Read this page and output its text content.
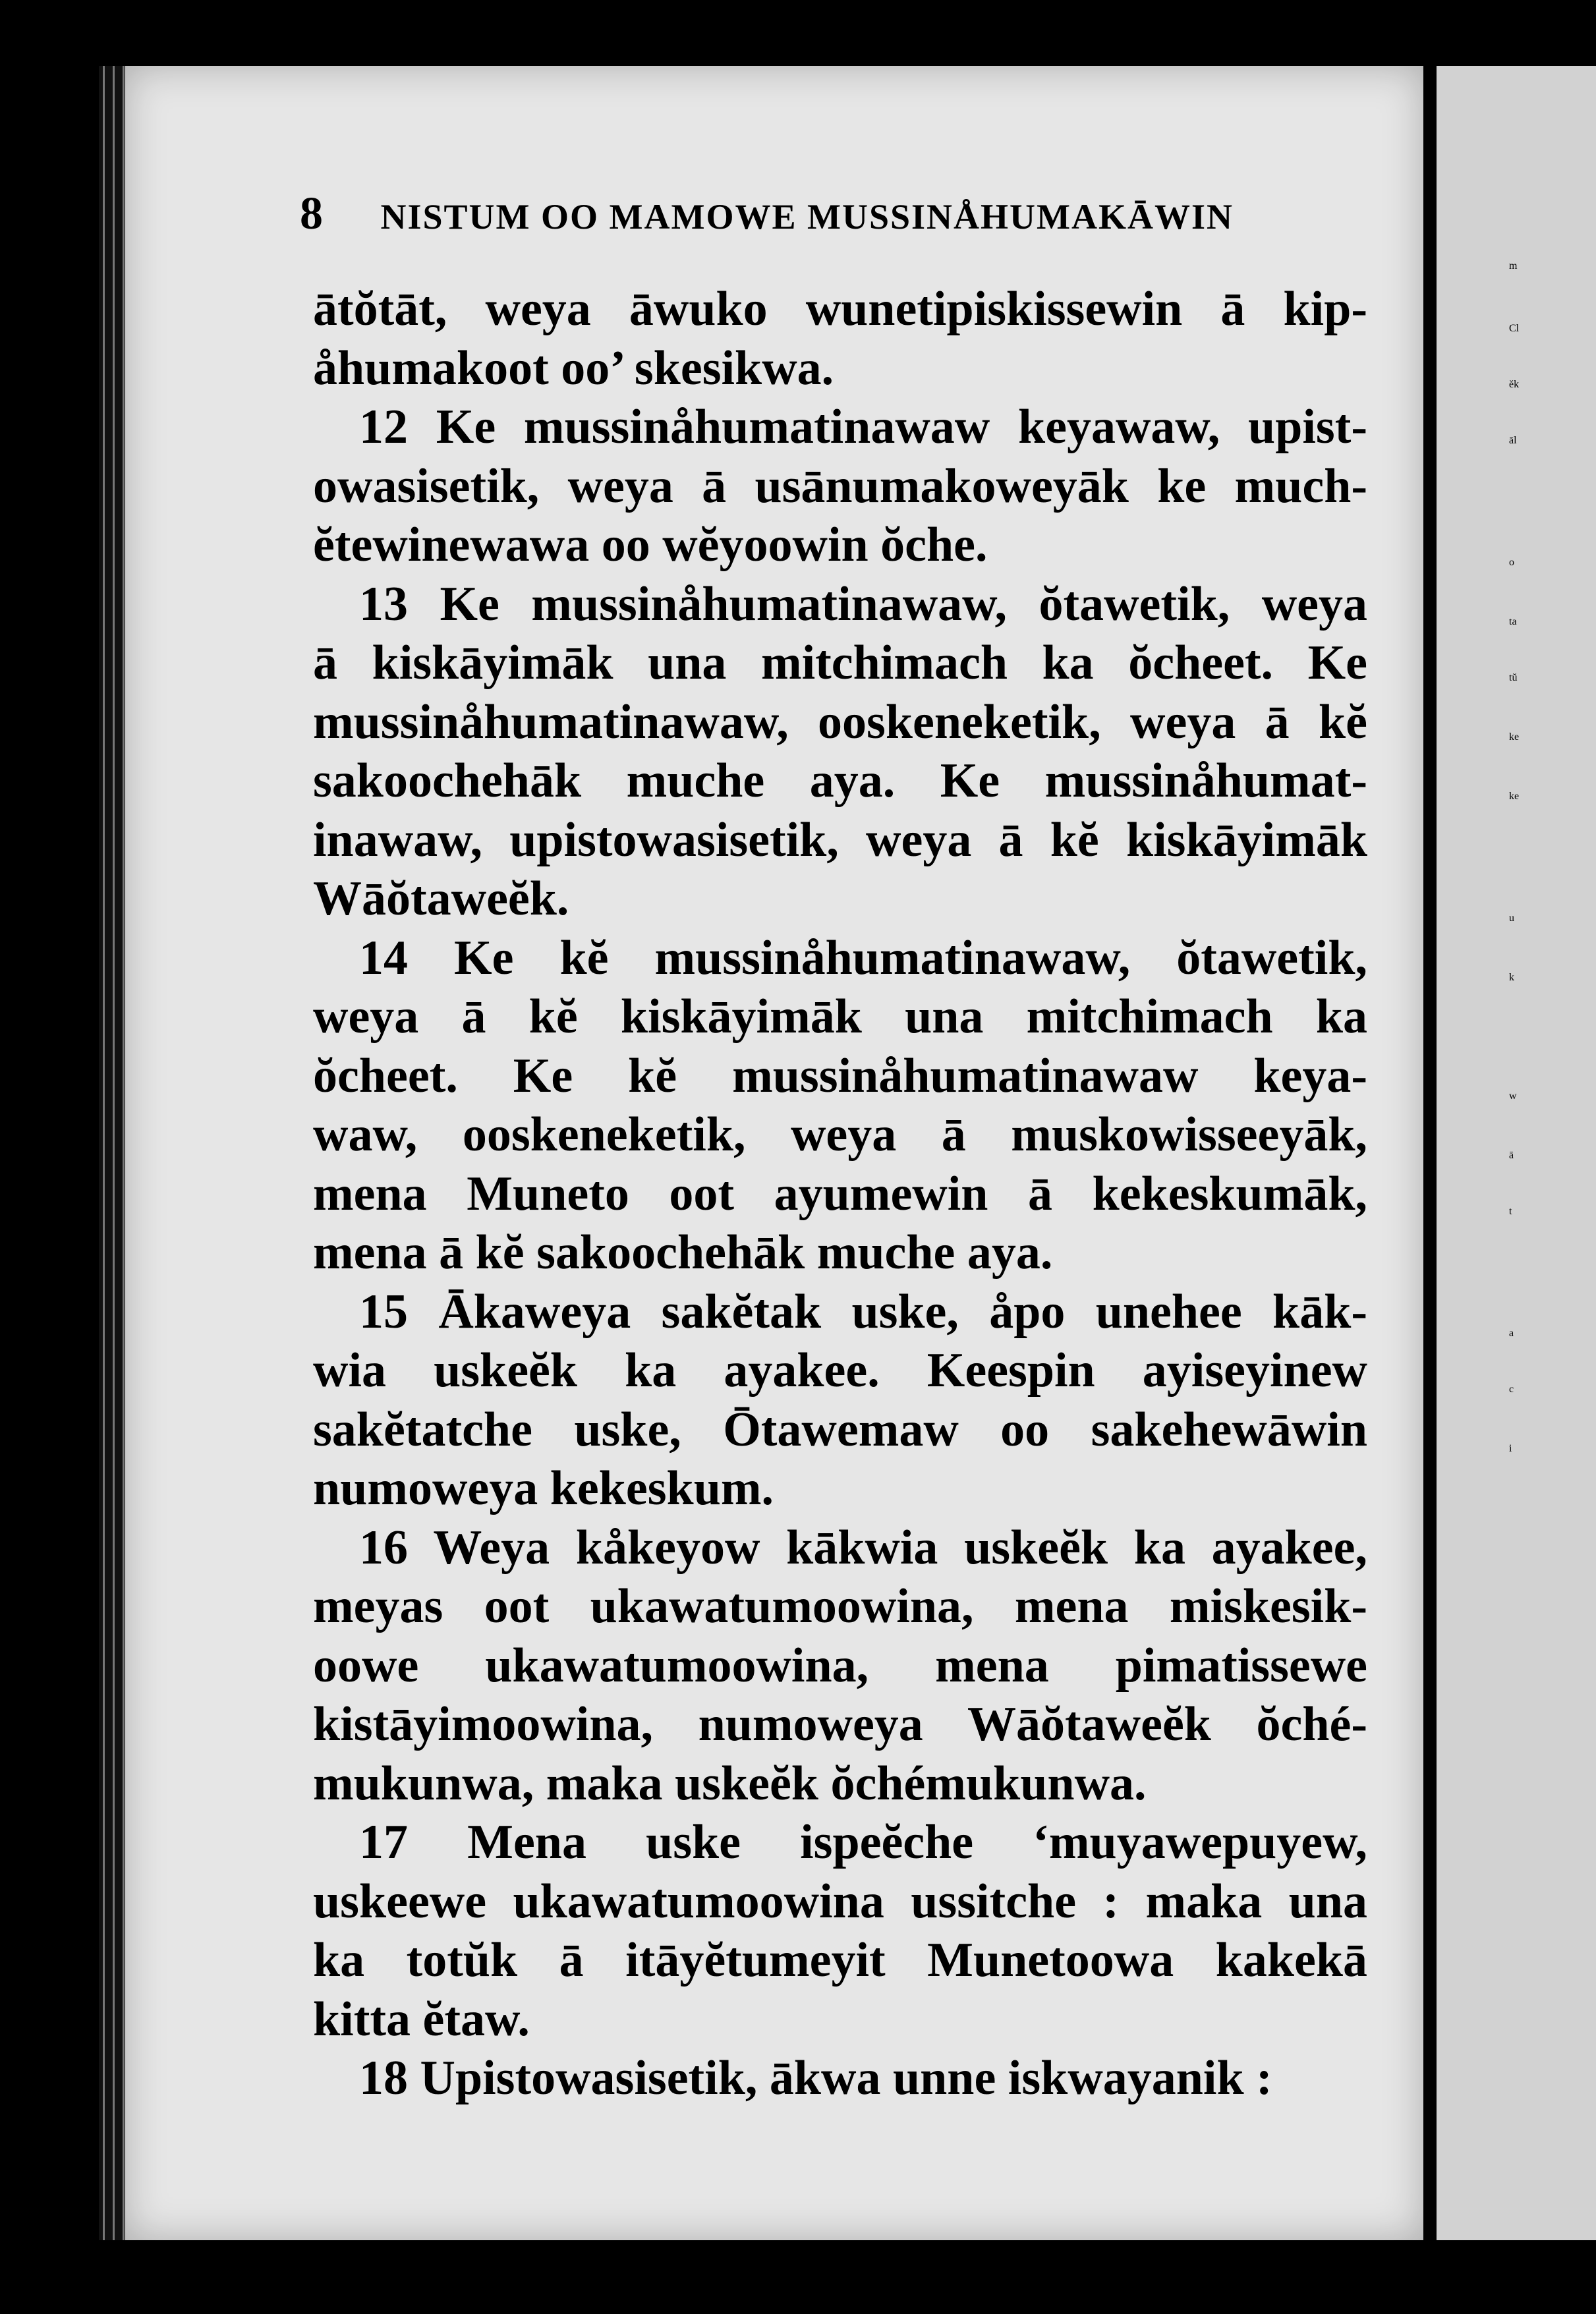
m
Cl
ĕk
āl
o
ta
tŭ
ke
ke
u
k
w
ā
t
a
c
i
8 NISTUM OO MAMOWE MUSSINÅHUMAKĀWIN
ātŏtāt, weya āwuko wunetipiskissewin ā kip-
åhumakoot oo’ skesikwa.
12 Ke mussinåhumatinawaw keyawaw, upist-
owasisetik, weya ā usānumakoweyāk ke much-
ĕtewinewawa oo wĕyoowin ŏche.
13 Ke mussinåhumatinawaw, ŏtawetik, weya
ā kiskāyimāk una mitchimach ka ŏcheet. Ke
mussinåhumatinawaw, ooskeneketik, weya ā kĕ
sakoochehāk muche aya. Ke mussinåhumat-
inawaw, upistowasisetik, weya ā kĕ kiskāyimāk
Wāŏtaweĕk.
14 Ke kĕ mussinåhumatinawaw, ŏtawetik,
weya ā kĕ kiskāyimāk una mitchimach ka
ŏcheet. Ke kĕ mussinåhumatinawaw keya-
waw, ooskeneketik, weya ā muskowisseeyāk,
mena Muneto oot ayumewin ā kekeskumāk,
mena ā kĕ sakoochehāk muche aya.
15 Ākaweya sakĕtak uske, åpo unehee kāk-
wia uskeĕk ka ayakee. Keespin ayiseyinew
sakĕtatche uske, Ōtawemaw oo sakehewāwin
numoweya kekeskum.
16 Weya kåkeyow kākwia uskeĕk ka ayakee,
meyas oot ukawatumoowina, mena miskesik-
oowe ukawatumoowina, mena pimatissewe
kistāyimoowina, numoweya Wāŏtaweĕk ŏché-
mukunwa, maka uskeĕk ŏchémukunwa.
17 Mena uske ispeĕche ‘muyawepuyew,
uskeewe ukawatumoowina ussitche : maka una
ka totŭk ā itāyĕtumeyit Munetoowa kakekā
kitta ĕtaw.
18 Upistowasisetik, ākwa unne iskwayanik :
